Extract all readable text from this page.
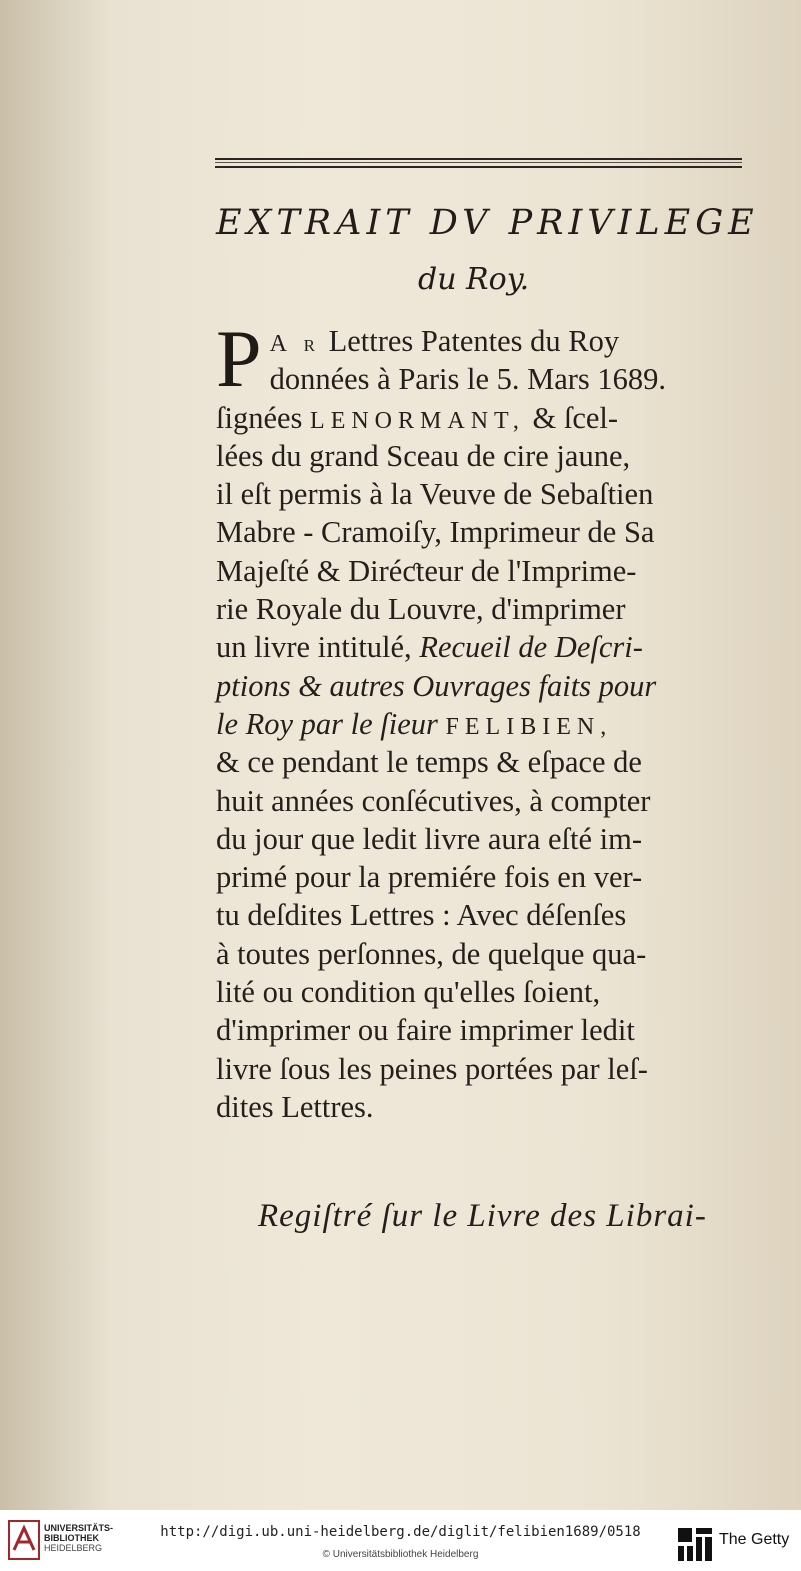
EXTRAIT DV PRIVILEGE
du Roy.
P A r Lettres Patentes du Roy
données à Paris le 5. Mars 1689.
ſignées LENORMANT, & ſcel-
lées du grand Sceau de cire jaune,
il eſt permis à la Veuve de Sebaſtien
Mabre - Cramoiſy, Imprimeur de Sa
Majeſté & Diréƈteur de l'Imprime-
rie Royale du Louvre, d'imprimer
un livre intitulé, Recueil de Deſcri-
ptions & autres Ouvrages faits pour
le Roy par le ſieur FELIBIEN,
& ce pendant le temps & eſpace de
huit années conſécutives, à compter
du jour que ledit livre aura eſté im-
primé pour la premiére fois en ver-
tu deſdites Lettres : Avec déſenſes
à toutes perſonnes, de quelque qua-
lité ou condition qu'elles ſoient,
d'imprimer ou faire imprimer ledit
livre ſous les peines portées par leſ-
dites Lettres.
Regiſtré ſur le Livre des Librai-
UNIVERSITÄTS-
BIBLIOTHEK
HEIDELBERG
http://digi.ub.uni-heidelberg.de/diglit/felibien1689/0518
© Universitätsbibliothek Heidelberg
The Getty
